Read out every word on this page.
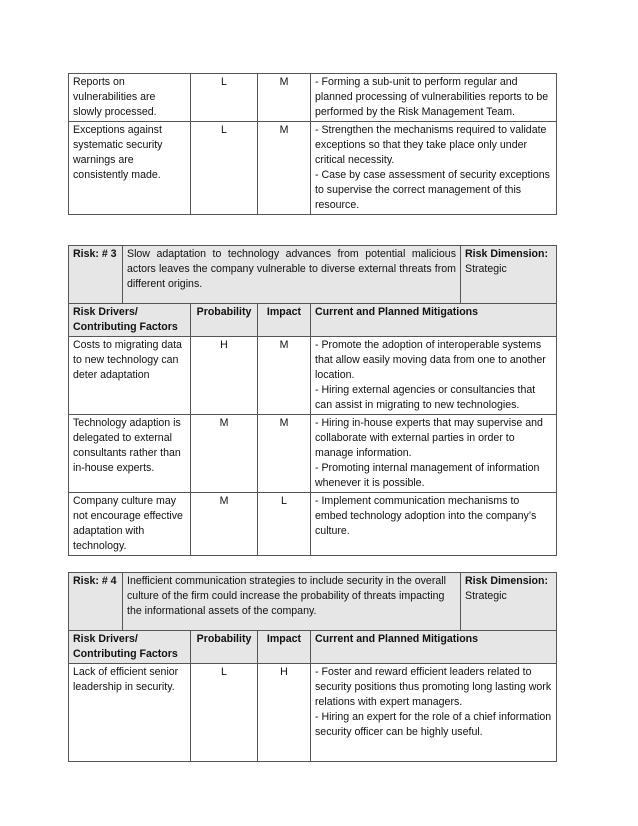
Reports on vulnerabilities are slowly processed.	L	M	- Forming a sub-unit to perform regular and planned processing of vulnerabilities reports to be performed by the Risk Management Team.

Exceptions against systematic security warnings are consistently made.	L	M	- Strengthen the mechanisms required to validate exceptions so that they take place only under critical necessity.
- Case by case assessment of security exceptions to supervise the correct management of this resource.
Risk: # 3	Slow adaptation to technology advances from potential malicious actors leaves the company vulnerable to diverse external threats from different origins.				Risk Dimension:
Strategic

Risk Drivers/ Contributing Factors		Probability	Impact	Current and Planned Mitigations	
Costs to migrating data to new technology can deter adaptation		H	M	- Promote the adoption of interoperable systems that allow easily moving data from one to another location.
- Hiring external agencies or consultancies that can assist in migrating to new technologies.	

Technology adaption is delegated to external consultants rather than in-house experts.		M	M	- Hiring in-house experts that may supervise and collaborate with external parties in order to manage information.
- Promoting internal management of information whenever it is possible.	

Company culture may not encourage effective adaptation with technology.		M	L	- Implement communication mechanisms to embed technology adoption into the company’s culture.	
Risk: # 4	Inefficient communication strategies to include security in the overall culture of the firm could increase the probability of threats impacting the informational assets of the company.				Risk Dimension:
Strategic

Risk Drivers/ Contributing Factors		Probability	Impact	Current and Planned Mitigations	
Lack of efficient senior leadership in security.		L	H	- Foster and reward efficient leaders related to security positions thus promoting long lasting work relations with expert managers.
- Hiring an expert for the role of a chief information security officer can be highly useful.	
